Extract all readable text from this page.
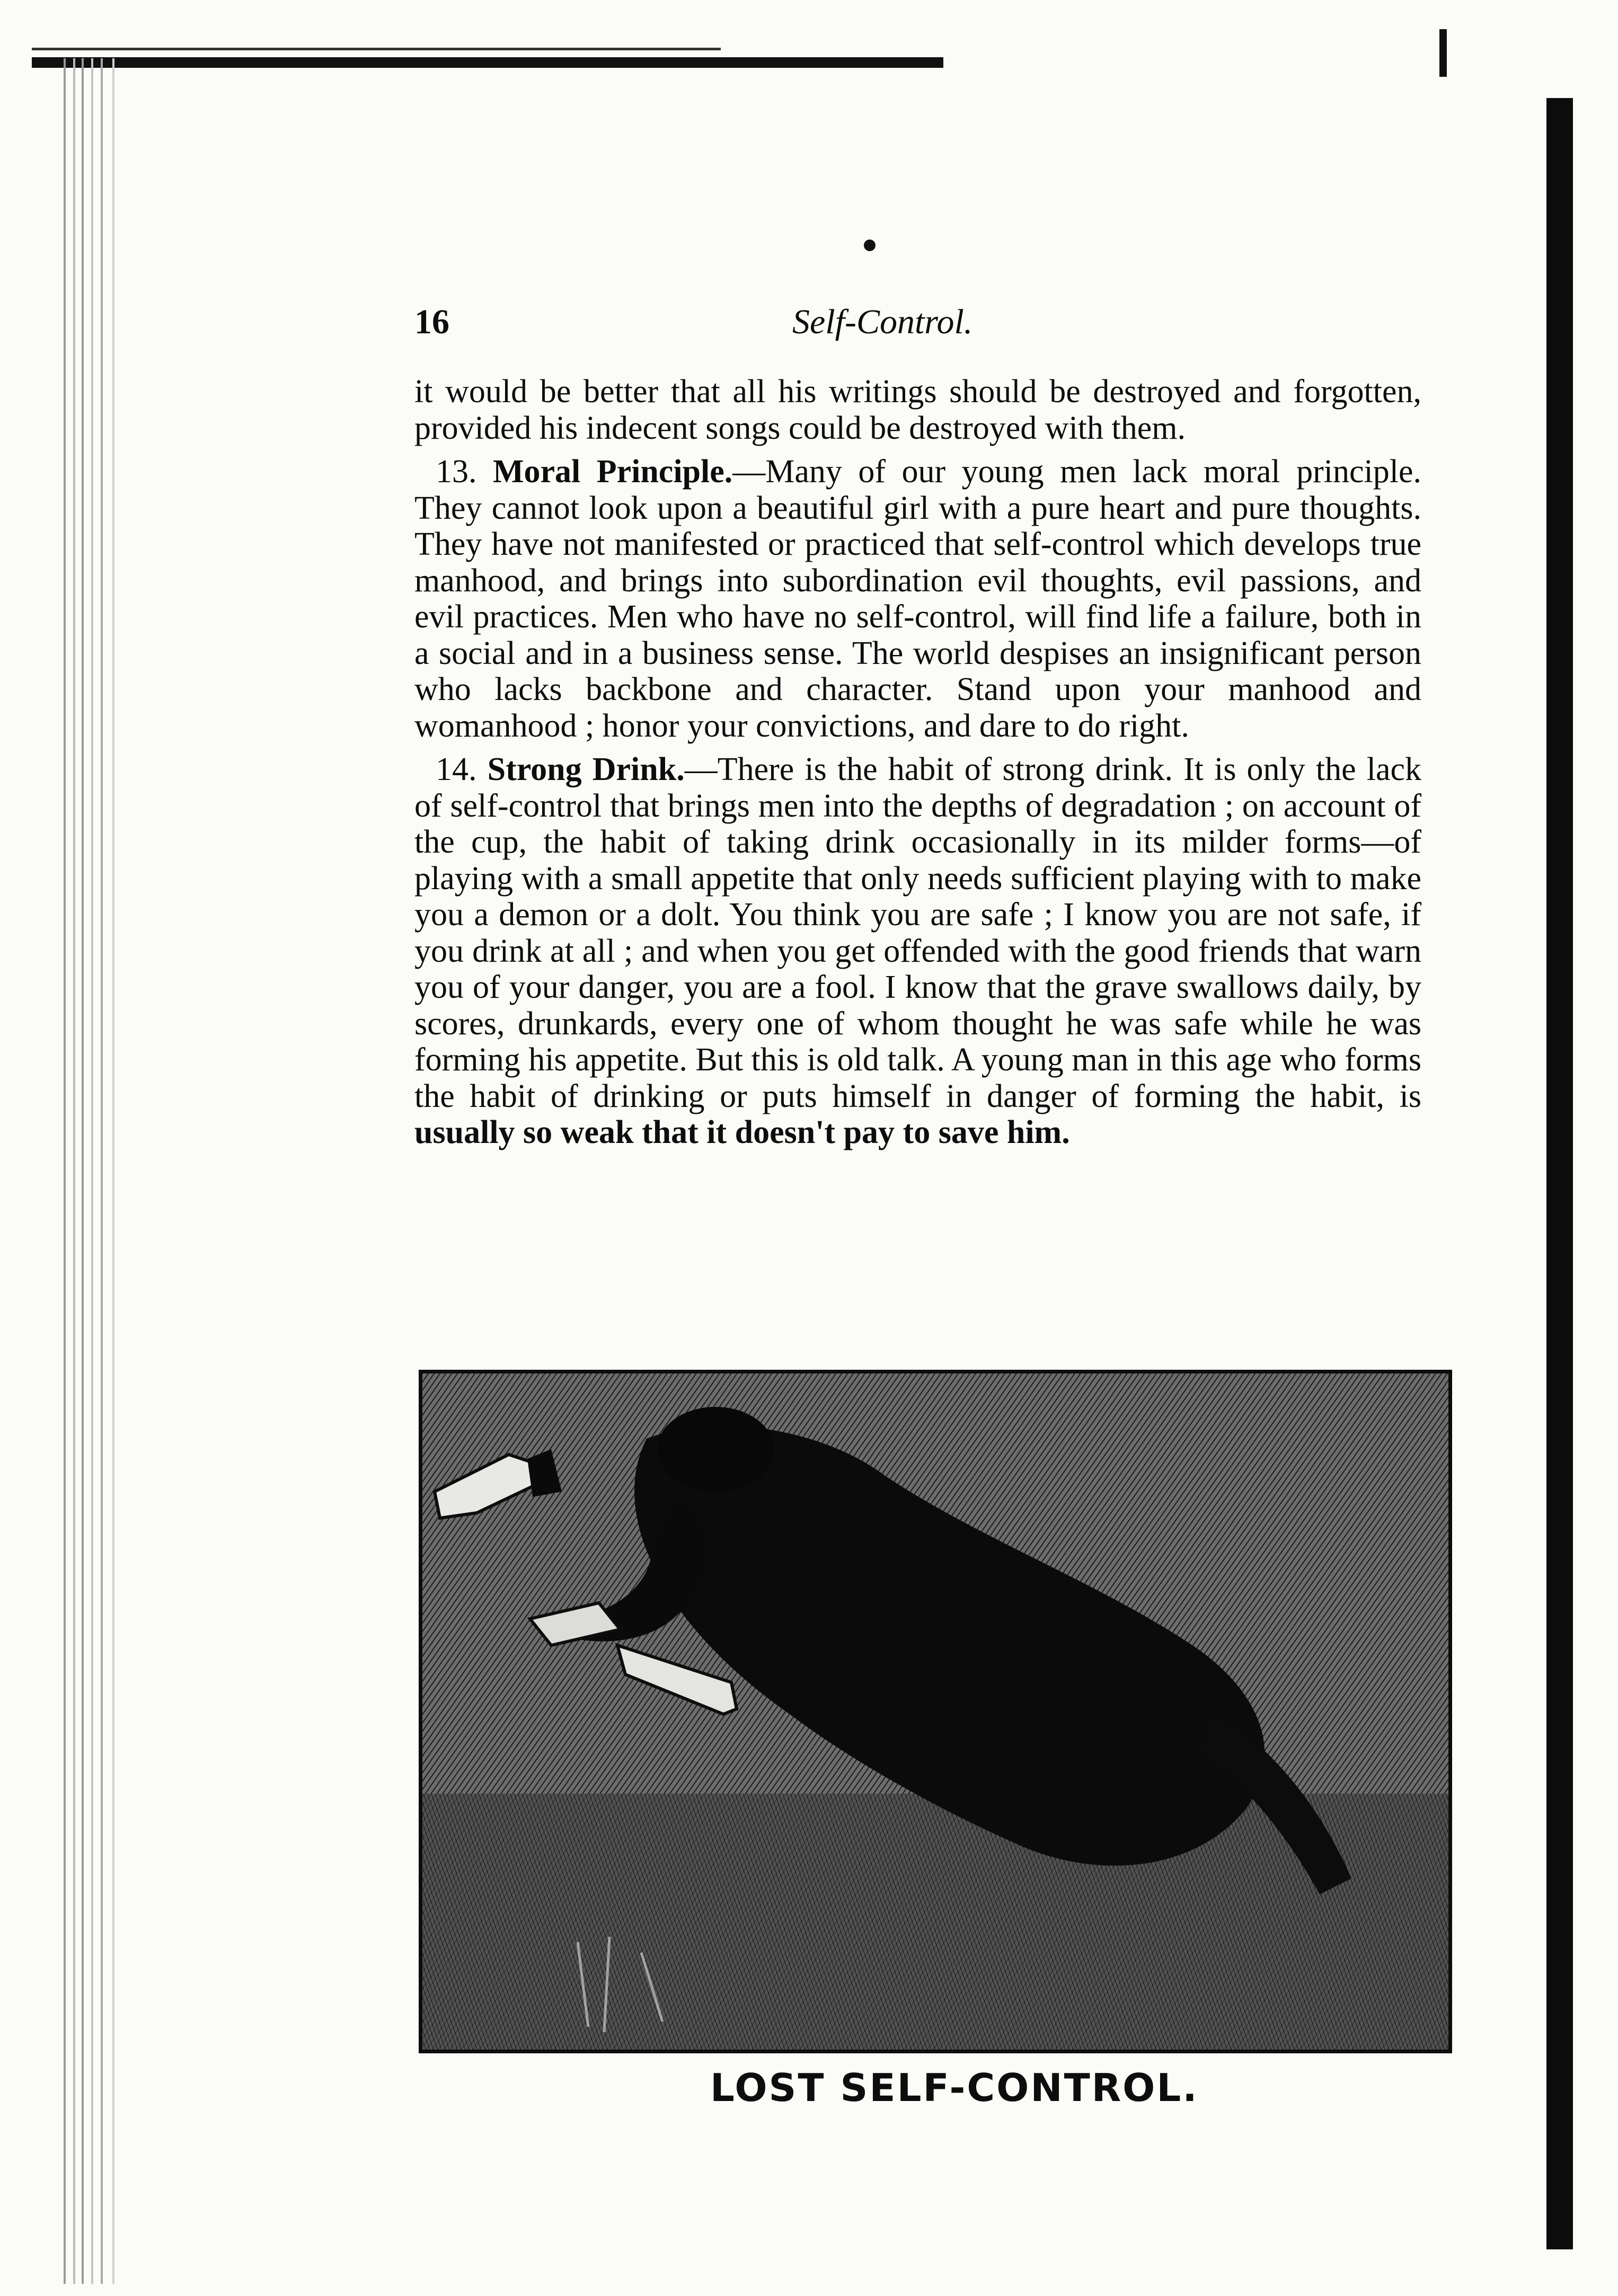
16	Self-Control.

it would be better that all his writings should be destroyed and forgotten, provided his indecent songs could be destroyed with them.

13. Moral Principle.—Many of our young men lack moral principle. They cannot look upon a beautiful girl with a pure heart and pure thoughts. They have not manifested or practiced that self-control which develops true manhood, and brings into subordination evil thoughts, evil passions, and evil practices. Men who have no self-control, will find life a failure, both in a social and in a business sense. The world despises an insignificant person who lacks backbone and character. Stand upon your manhood and womanhood ; honor your convictions, and dare to do right.

14. Strong Drink.—There is the habit of strong drink. It is only the lack of self-control that brings men into the depths of degradation ; on account of the cup, the habit of taking drink occasionally in its milder forms—of playing with a small appetite that only needs sufficient playing with to make you a demon or a dolt. You think you are safe ; I know you are not safe, if you drink at all ; and when you get offended with the good friends that warn you of your danger, you are a fool. I know that the grave swallows daily, by scores, drunkards, every one of whom thought he was safe while he was forming his appetite. But this is old talk. A young man in this age who forms the habit of drinking or puts himself in danger of forming the habit, is usually so weak that it doesn't pay to save him.

LOST SELF-CONTROL.
